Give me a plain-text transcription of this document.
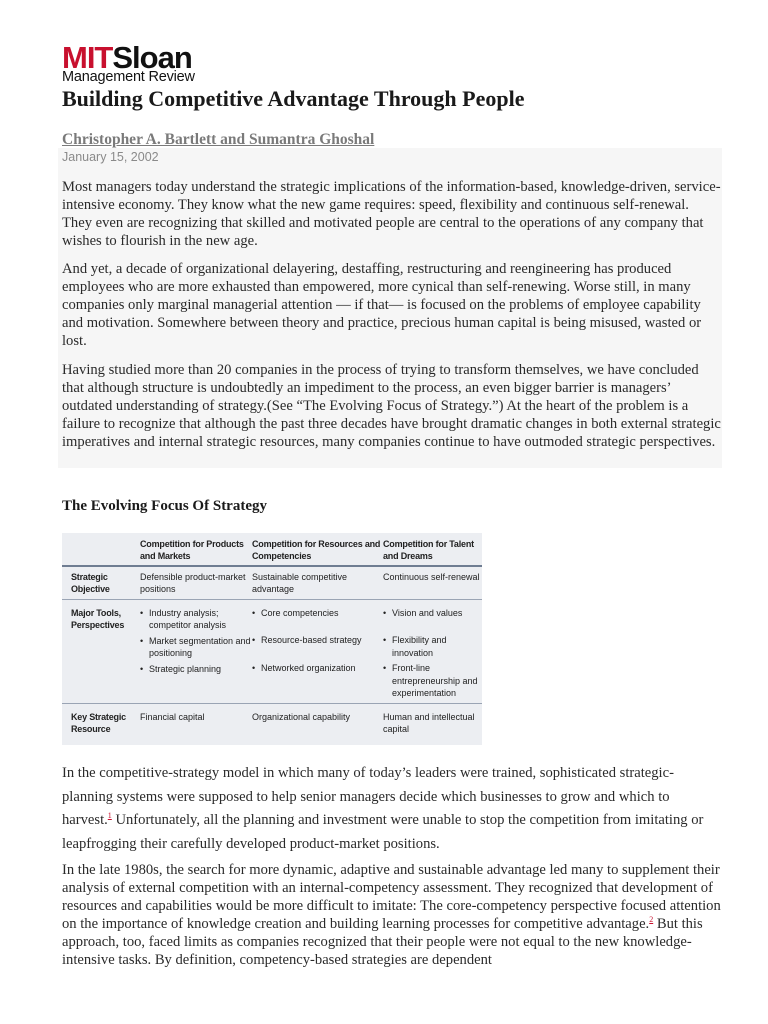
MITSloan
Management Review
Building Competitive Advantage Through People
Christopher A. Bartlett and Sumantra Ghoshal
January 15, 2002

Most managers today understand the strategic implications of the information-based, knowledge-driven, service-intensive economy. They know what the new game requires: speed, flexibility and continuous self-renewal. They even are recognizing that skilled and motivated people are central to the operations of any company that wishes to flourish in the new age.

And yet, a decade of organizational delayering, destaffing, restructuring and reengineering has produced employees who are more exhausted than empowered, more cynical than self-renewing. Worse still, in many companies only marginal managerial attention — if that— is focused on the problems of employee capability and motivation. Somewhere between theory and practice, precious human capital is being misused, wasted or lost.

Having studied more than 20 companies in the process of trying to transform themselves, we have concluded that although structure is undoubtedly an impediment to the process, an even bigger barrier is managers’ outdated understanding of strategy.(See “The Evolving Focus of Strategy.”) At the heart of the problem is a failure to recognize that although the past three decades have brought dramatic changes in both external strategic imperatives and internal strategic resources, many companies continue to have outmoded strategic perspectives.

The Evolving Focus Of Strategy
Competition for Products and Markets
Competition for Resources and Competencies
Competition for Talent and Dreams
Strategic Objective
Defensible product-market positions
Sustainable competitive advantage
Continuous self-renewal
Major Tools, Perspectives
• Industry analysis; competitor analysis
• Market segmentation and positioning
• Strategic planning
• Core competencies
• Resource-based strategy
• Networked organization
• Vision and values
• Flexibility and innovation
• Front-line entrepreneurship and experimentation
Key Strategic Resource
Financial capital	Organizational capability	Human and intellectual capital

In the competitive-strategy model in which many of today’s leaders were trained, sophisticated strategic-planning systems were supposed to help senior managers decide which businesses to grow and which to harvest.$^1$ Unfortunately, all the planning and investment were unable to stop the competition from imitating or leapfrogging their carefully developed product-market positions.

In the late 1980s, the search for more dynamic, adaptive and sustainable advantage led many to supplement their analysis of external competition with an internal-competency assessment. They recognized that development of resources and capabilities would be more difficult to imitate: The core-competency perspective focused attention on the importance of knowledge creation and building learning processes for competitive advantage.$^2$ But this approach, too, faced limits as companies recognized that their people were not equal to the new knowledge-intensive tasks. By definition, competency-based strategies are dependent
